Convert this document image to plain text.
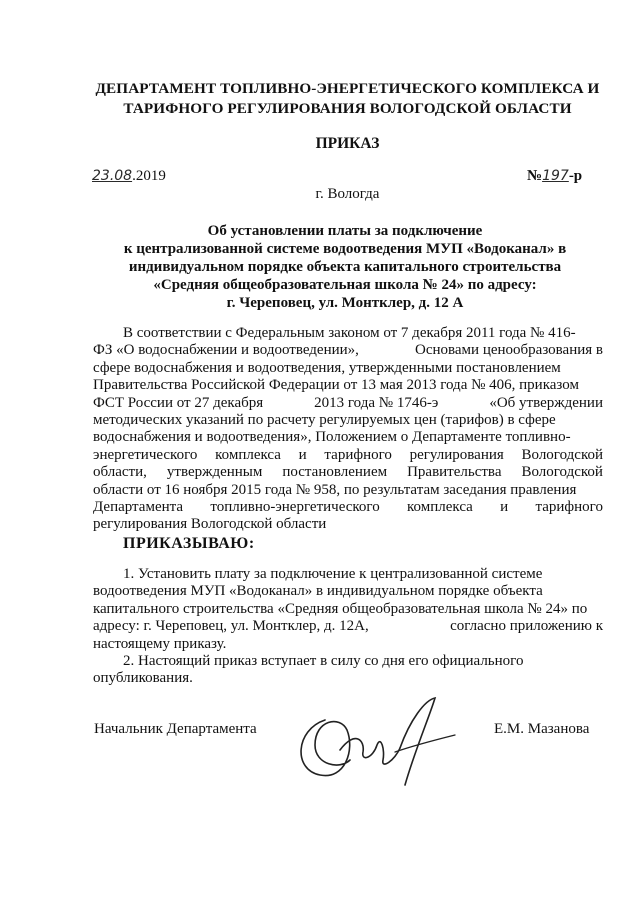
ДЕПАРТАМЕНТ ТОПЛИВНО-ЭНЕРГЕТИЧЕСКОГО КОМПЛЕКСА И
ТАРИФНОГО РЕГУЛИРОВАНИЯ ВОЛОГОДСКОЙ ОБЛАСТИ
ПРИКАЗ
23.08.2019	№197-р
г. Вологда
Об установлении платы за подключение
к централизованной системе водоотведения МУП «Водоканал» в
индивидуальном порядке объекта капитального строительства
«Средняя общеобразовательная школа № 24» по адресу:
г. Череповец, ул. Монтклер, д. 12 А
В соответствии с Федеральным законом от 7 декабря 2011 года № 416-
ФЗ «О водоснабжении и водоотведении»,	Основами ценообразования в
сфере водоснабжения и водоотведения, утвержденными постановлением
Правительства Российской Федерации от 13 мая 2013 года № 406, приказом
ФСТ России от 27 декабря	2013 года № 1746-э	«Об утверждении
методических указаний по расчету регулируемых цен (тарифов) в сфере
водоснабжения и водоотведения», Положением о Департаменте топливно-
энергетического комплекса и тарифного регулирования Вологодской
области, утвержденным постановлением Правительства Вологодской
области от 16 ноября 2015 года № 958, по результатам заседания правления
Департамента топливно-энергетического комплекса и тарифного
регулирования Вологодской области
ПРИКАЗЫВАЮ:
1. Установить плату за подключение к централизованной системе
водоотведения МУП «Водоканал» в индивидуальном порядке объекта
капитального строительства «Средняя общеобразовательная школа № 24» по
адресу: г. Череповец, ул. Монтклер, д. 12А,	согласно приложению к
настоящему приказу.
2. Настоящий приказ вступает в силу со дня его официального
опубликования.
Начальник Департамента	Е.М. Мазанова
